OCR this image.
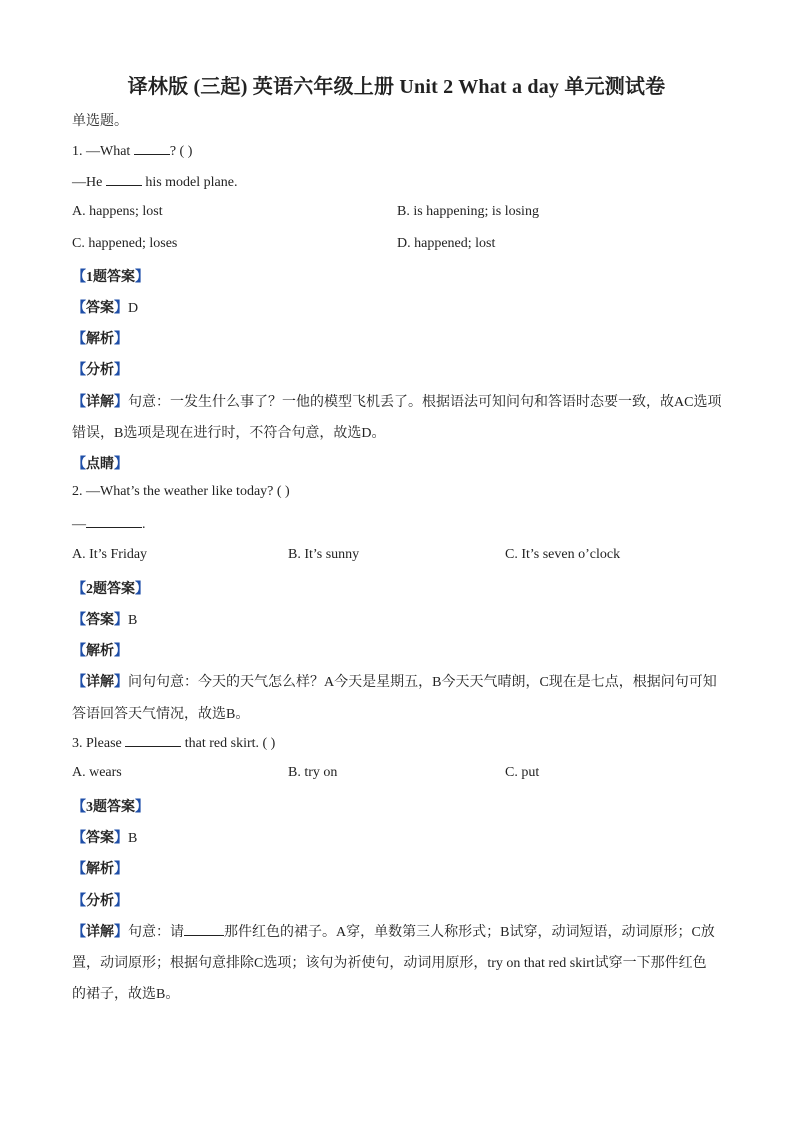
译林版 (三起) 英语六年级上册 Unit 2 What a day 单元测试卷
单选题。
1. —What	? ( )
—He	his model plane.
A. happens; lost	B. is happening; is losing
C. happened; loses	D. happened; lost
【1题答案】
【答案】D
【解析】
【分析】
【详解】句意：一发生什么事了？一他的模型飞机丢了。根据语法可知问句和答语时态要一致，故AC选项
错误，B选项是现在进行时，不符合句意，故选D。
【点睛】
2. —What’s the weather like today? ( )
—	.
A. It’s Friday	B. It’s sunny	C. It’s seven o’clock
【2题答案】
【答案】B
【解析】
【详解】问句句意：今天的天气怎么样？A今天是星期五，B今天天气晴朗，C现在是七点，根据问句可知
答语回答天气情况，故选B。
3. Please	that red skirt. ( )
A. wears	B. try on	C. put
【3题答案】
【答案】B
【解析】
【分析】
【详解】句意：请	那件红色的裙子。A穿，单数第三人称形式；B试穿，动词短语，动词原形；C放
置，动词原形；根据句意排除C选项；该句为祈使句，动词用原形，try on that red skirt试穿一下那件红色
的裙子，故选B。
